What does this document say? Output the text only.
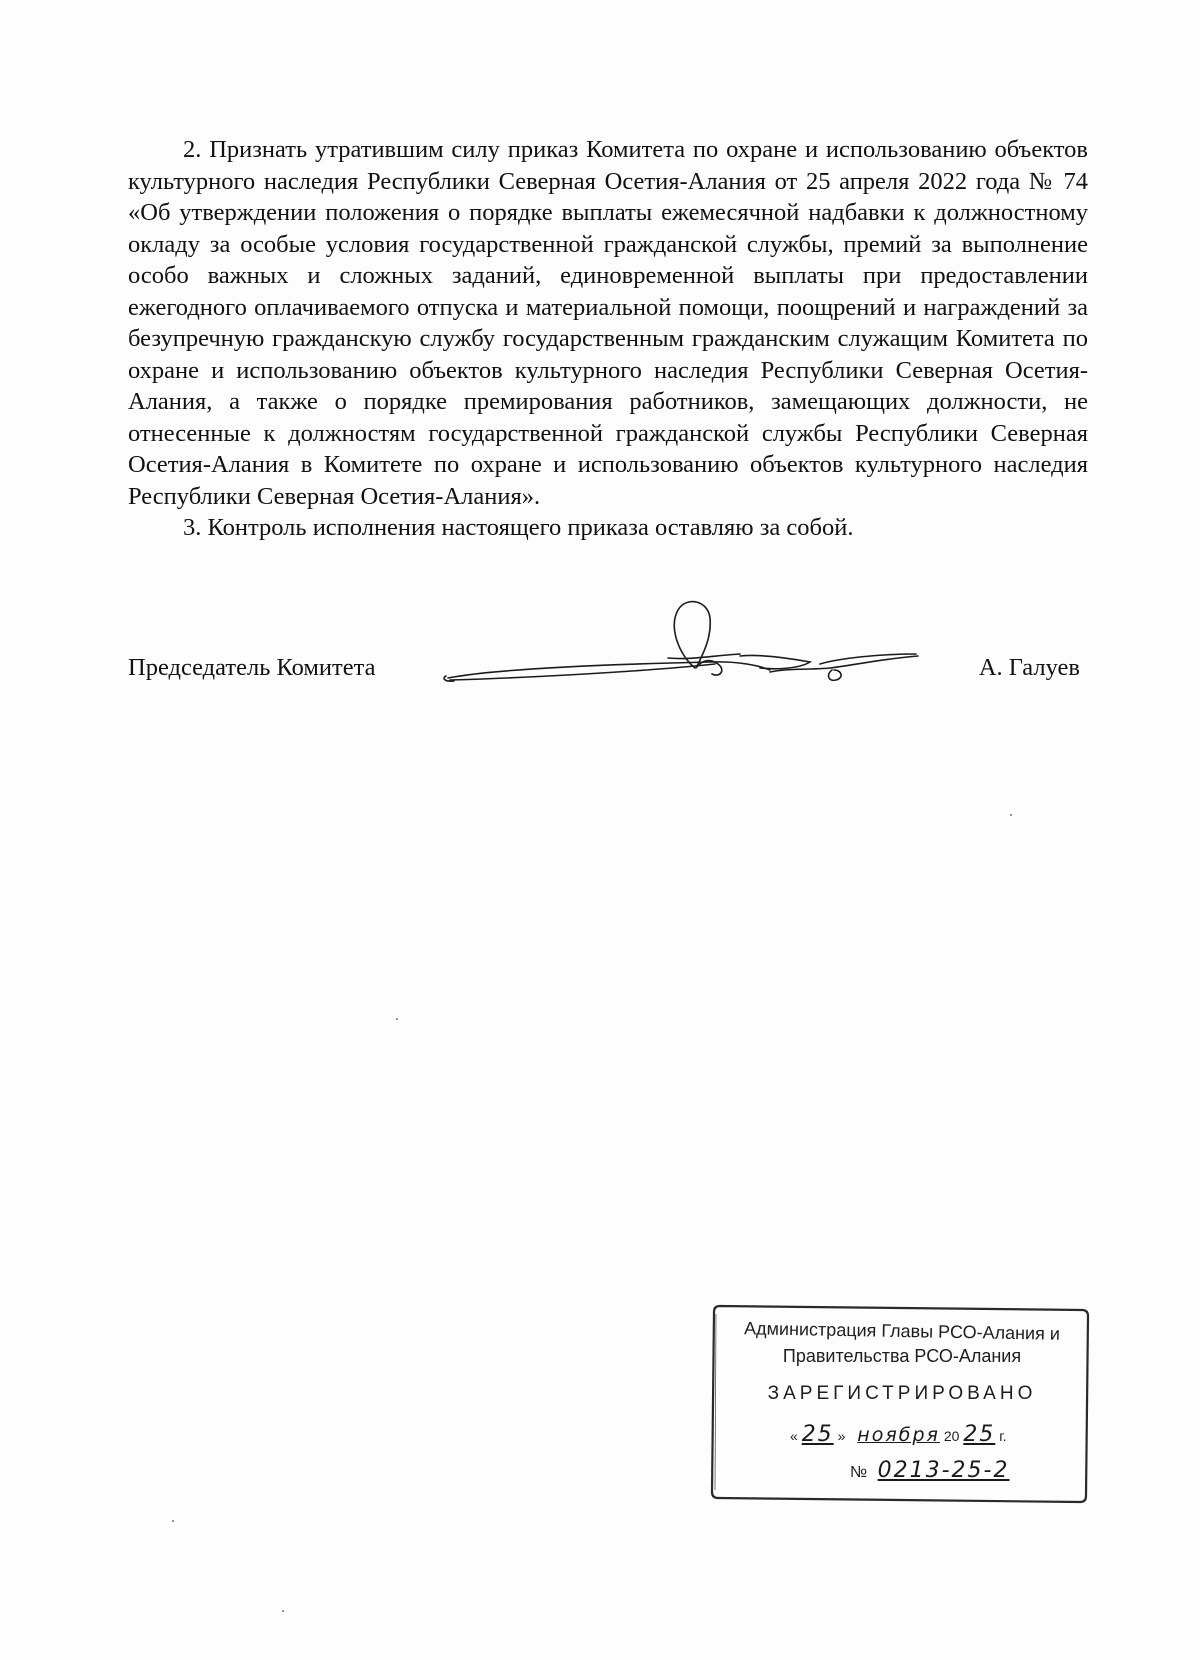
2. Признать утратившим силу приказ Комитета по охране и использованию объектов культурного наследия Республики Северная Осетия-Алания от 25 апреля 2022 года № 74 «Об утверждении положения о порядке выплаты ежемесячной надбавки к должностному окладу за особые условия государственной гражданской службы, премий за выполнение особо важных и сложных заданий, единовременной выплаты при предоставлении ежегодного оплачиваемого отпуска и материальной помощи, поощрений и награждений за безупречную гражданскую службу государственным гражданским служащим Комитета по охране и использованию объектов культурного наследия Республики Северная Осетия-Алания, а также о порядке премирования работников, замещающих должности, не отнесенные к должностям государственной гражданской службы Республики Северная Осетия-Алания в Комитете по охране и использованию объектов культурного наследия Республики Северная Осетия-Алания».

3. Контроль исполнения настоящего приказа оставляю за собой.

Председатель Комитета	А. Галуев
Администрация Главы РСО-Алания и
Правительства РСО-Алания
ЗАРЕГИСТРИРОВАНО
« 25 » ноября 20 25 г.
№ 0213-25-2
